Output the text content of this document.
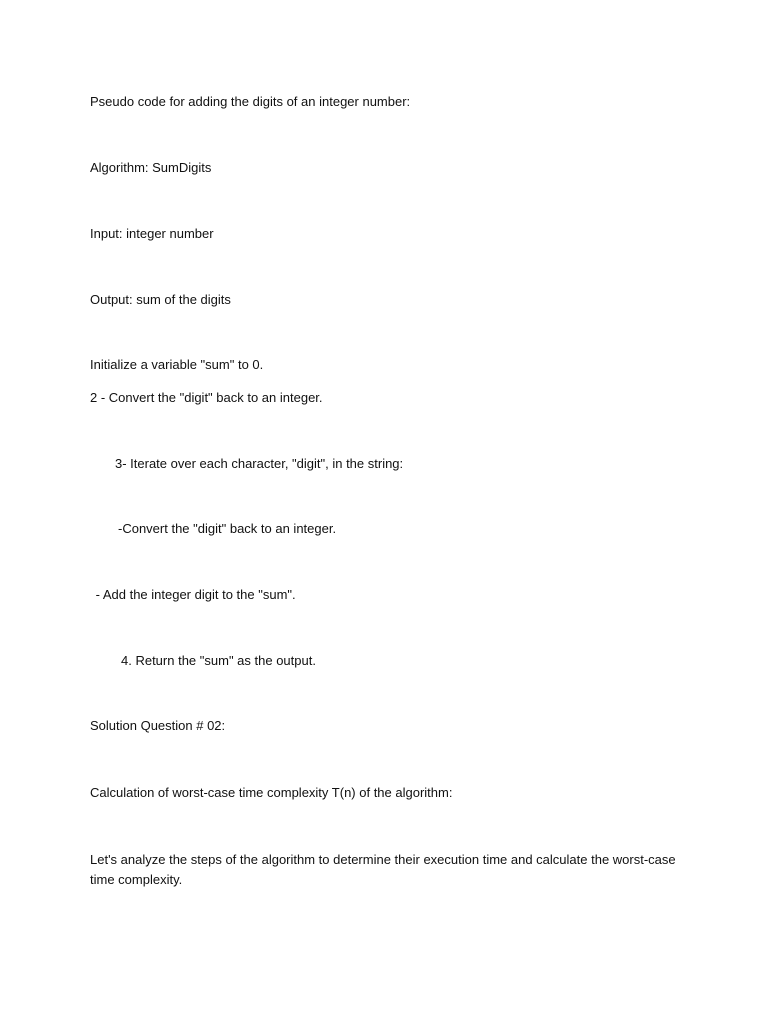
Pseudo code for adding the digits of an integer number:

Algorithm: SumDigits

Input: integer number

Output: sum of the digits

Initialize a variable "sum" to 0.

2 - Convert the "digit" back to an integer.

3- Iterate over each character, "digit", in the string:

-Convert the "digit" back to an integer.

- Add the integer digit to the "sum".

4. Return the "sum" as the output.

Solution Question # 02:

Calculation of worst-case time complexity T(n) of the algorithm:

Let's analyze the steps of the algorithm to determine their execution time and calculate the worst-case time complexity.
